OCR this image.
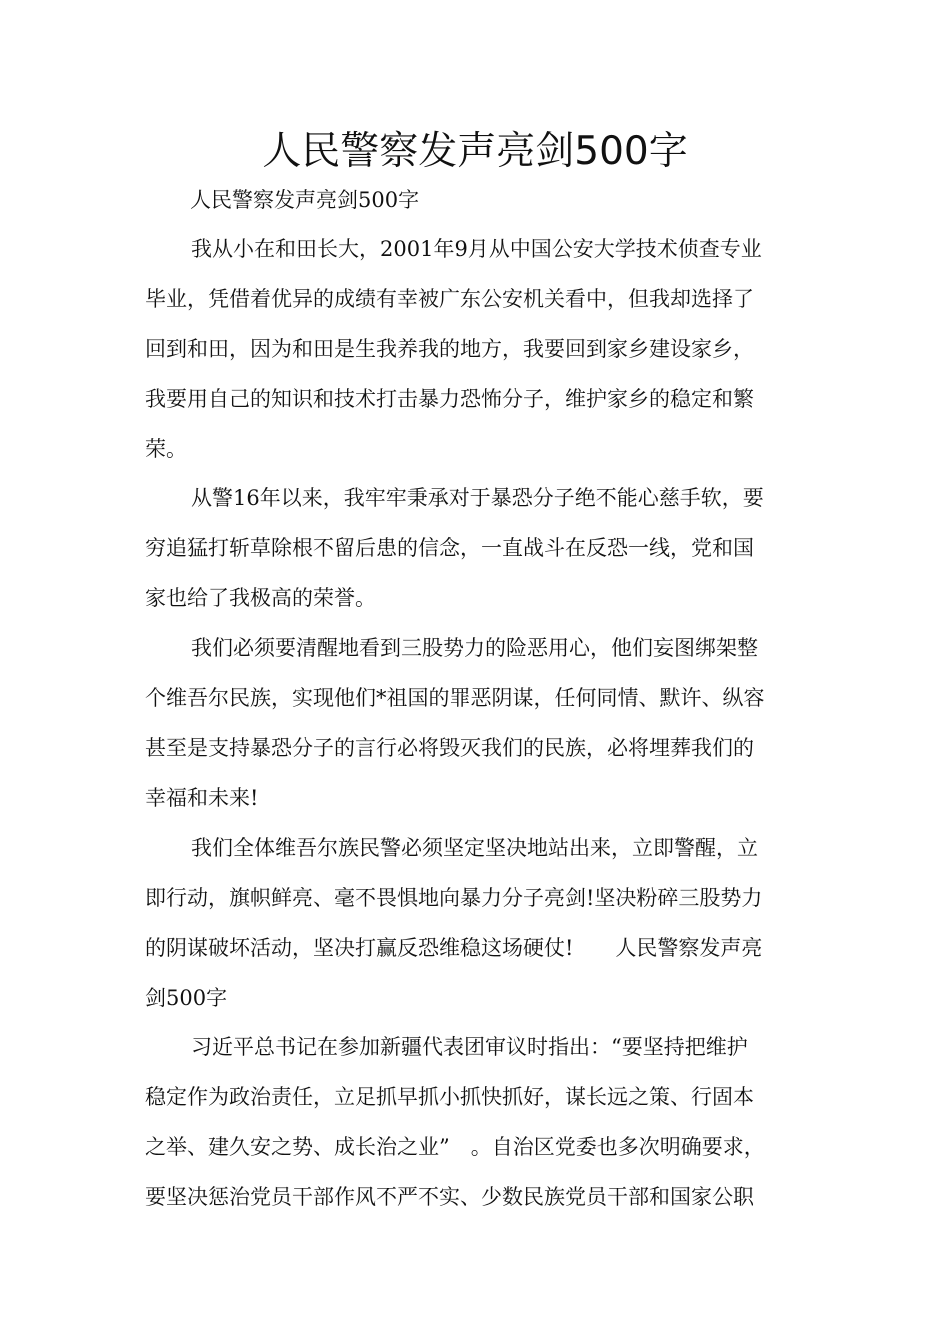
人民警察发声亮剑500字
人民警察发声亮剑500字
我从小在和田长大，2001年9月从中国公安大学技术侦查专业
毕业，凭借着优异的成绩有幸被广东公安机关看中，但我却选择了
回到和田，因为和田是生我养我的地方，我要回到家乡建设家乡，
我要用自己的知识和技术打击暴力恐怖分子，维护家乡的稳定和繁
荣。
从警16年以来，我牢牢秉承对于暴恐分子绝不能心慈手软，要
穷追猛打斩草除根不留后患的信念，一直战斗在反恐一线，党和国
家也给了我极高的荣誉。
我们必须要清醒地看到三股势力的险恶用心，他们妄图绑架整
个维吾尔民族，实现他们*祖国的罪恶阴谋，任何同情、默许、纵容
甚至是支持暴恐分子的言行必将毁灭我们的民族，必将埋葬我们的
幸福和未来!
我们全体维吾尔族民警必须坚定坚决地站出来，立即警醒，立
即行动，旗帜鲜亮、毫不畏惧地向暴力分子亮剑!坚决粉碎三股势力
的阴谋破坏活动，坚决打赢反恐维稳这场硬仗!　　人民警察发声亮
剑500字
习近平总书记在参加新疆代表团审议时指出：“要坚持把维护
稳定作为政治责任，立足抓早抓小抓快抓好，谋长远之策、行固本
之举、建久安之势、成长治之业”　。自治区党委也多次明确要求，
要坚决惩治党员干部作风不严不实、少数民族党员干部和国家公职
